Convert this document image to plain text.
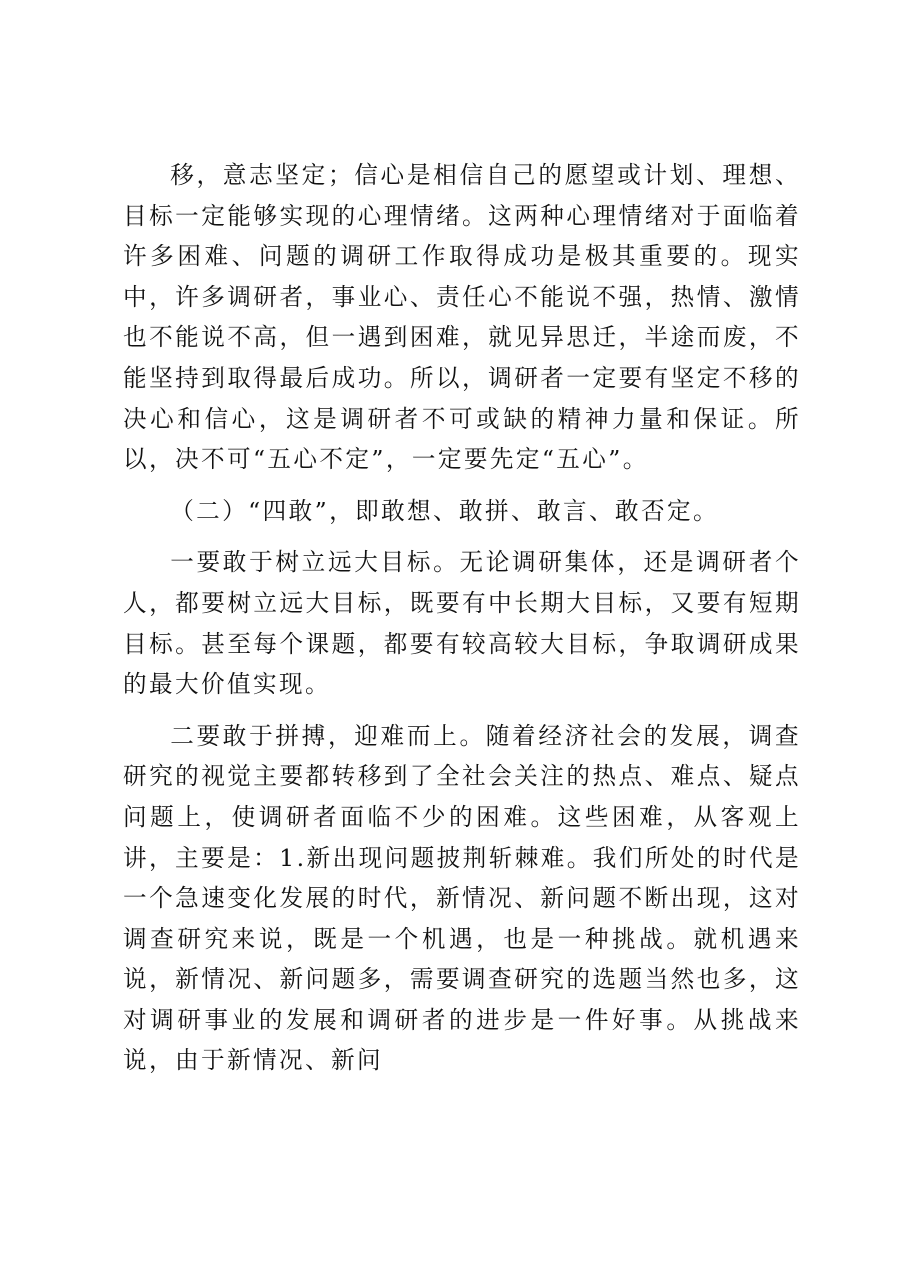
移，意志坚定；信心是相信自己的愿望或计划、理想、目标一定能够实现的心理情绪。这两种心理情绪对于面临着许多困难、问题的调研工作取得成功是极其重要的。现实中，许多调研者，事业心、责任心不能说不强，热情、激情也不能说不高，但一遇到困难，就见异思迁，半途而废，不能坚持到取得最后成功。所以，调研者一定要有坚定不移的决心和信心，这是调研者不可或缺的精神力量和保证。所以，决不可“五心不定”，一定要先定“五心”。

（二）“四敢”，即敢想、敢拼、敢言、敢否定。

一要敢于树立远大目标。无论调研集体，还是调研者个人，都要树立远大目标，既要有中长期大目标，又要有短期目标。甚至每个课题，都要有较高较大目标，争取调研成果的最大价值实现。

二要敢于拼搏，迎难而上。随着经济社会的发展，调查研究的视觉主要都转移到了全社会关注的热点、难点、疑点问题上，使调研者面临不少的困难。这些困难，从客观上讲，主要是：1.新出现问题披荆斩棘难。我们所处的时代是一个急速变化发展的时代，新情况、新问题不断出现，这对调查研究来说，既是一个机遇，也是一种挑战。就机遇来说，新情况、新问题多，需要调查研究的选题当然也多，这对调研事业的发展和调研者的进步是一件好事。从挑战来说，由于新情况、新问
